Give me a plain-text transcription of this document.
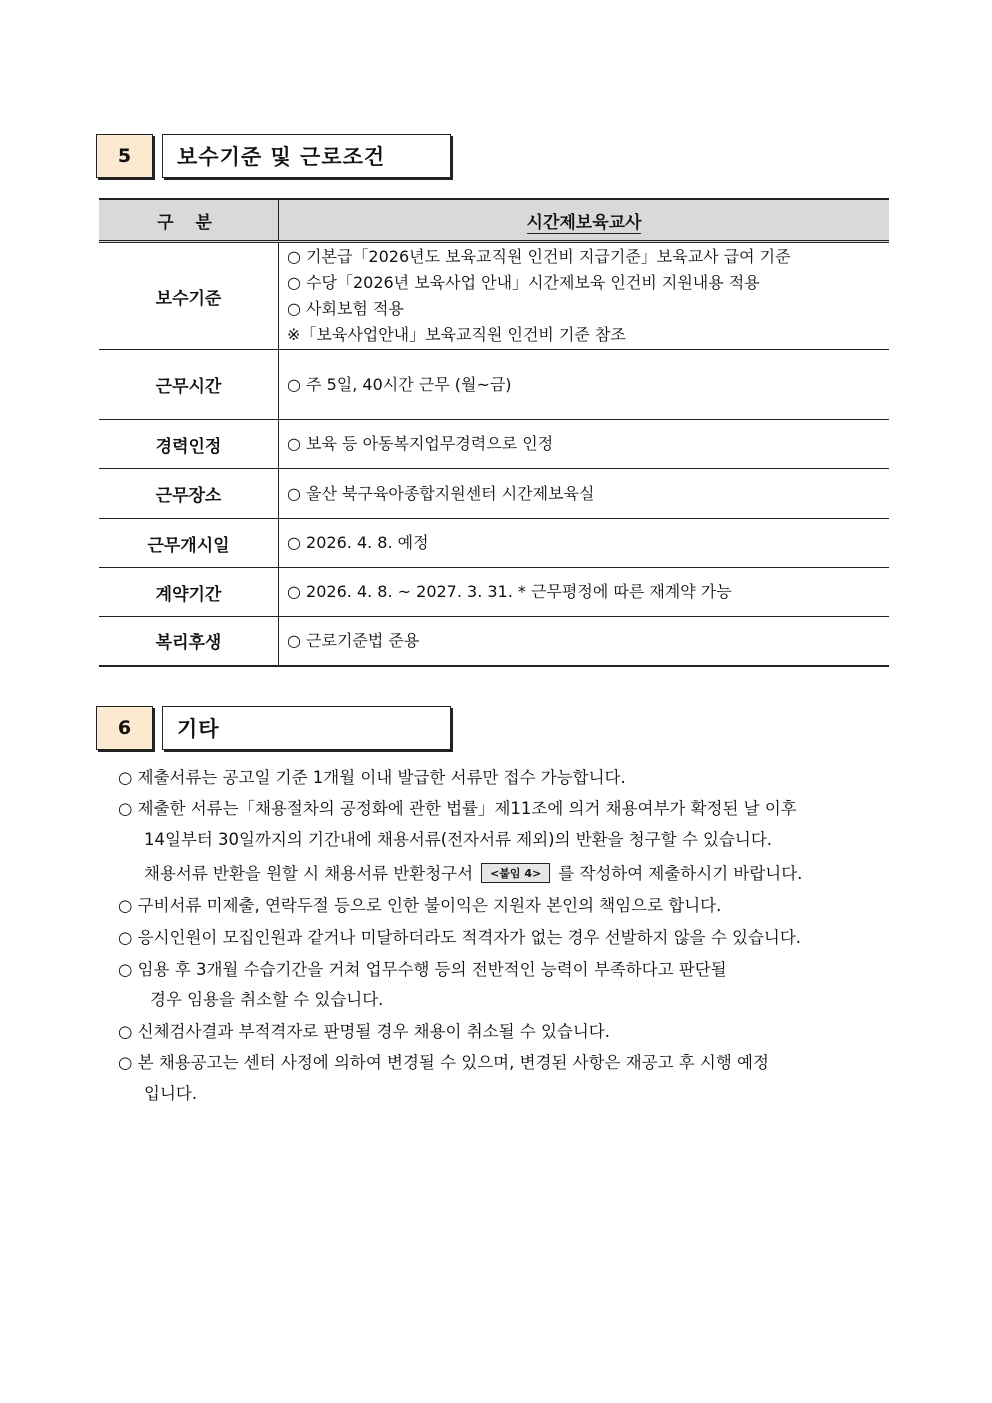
5	보수기준 및 근로조건
구 분	시간제보육교사
보수기준	○ 기본급「2026년도 보육교직원 인건비 지급기준」보육교사 급여 기준
○ 수당「2026년 보육사업 안내」시간제보육 인건비 지원내용 적용
○ 사회보험 적용
※「보육사업안내」보육교직원 인건비 기준 참조

근무시간	○ 주 5일, 40시간 근무 (월~금)
경력인정	○ 보육 등 아동복지업무경력으로 인정
근무장소	○ 울산 북구육아종합지원센터 시간제보육실
근무개시일	○ 2026. 4. 8. 예정
계약기간	○ 2026. 4. 8. ~ 2027. 3. 31. * 근무평정에 따른 재계약 가능
복리후생	○ 근로기준법 준용
6	기타
○ 제출서류는 공고일 기준 1개월 이내 발급한 서류만 접수 가능합니다.
○ 제출한 서류는「채용절차의 공정화에 관한 법률」제11조에 의거 채용여부가 확정된 날 이후
14일부터 30일까지의 기간내에 채용서류(전자서류 제외)의 반환을 청구할 수 있습니다.
채용서류 반환을 원할 시 채용서류 반환청구서 <붙임 4> 를 작성하여 제출하시기 바랍니다.
○ 구비서류 미제출, 연락두절 등으로 인한 불이익은 지원자 본인의 책임으로 합니다.
○ 응시인원이 모집인원과 같거나 미달하더라도 적격자가 없는 경우 선발하지 않을 수 있습니다.
○ 임용 후 3개월 수습기간을 거쳐 업무수행 등의 전반적인 능력이 부족하다고 판단될
경우 임용을 취소할 수 있습니다.
○ 신체검사결과 부적격자로 판명될 경우 채용이 취소될 수 있습니다.
○ 본 채용공고는 센터 사정에 의하여 변경될 수 있으며, 변경된 사항은 재공고 후 시행 예정
입니다.
